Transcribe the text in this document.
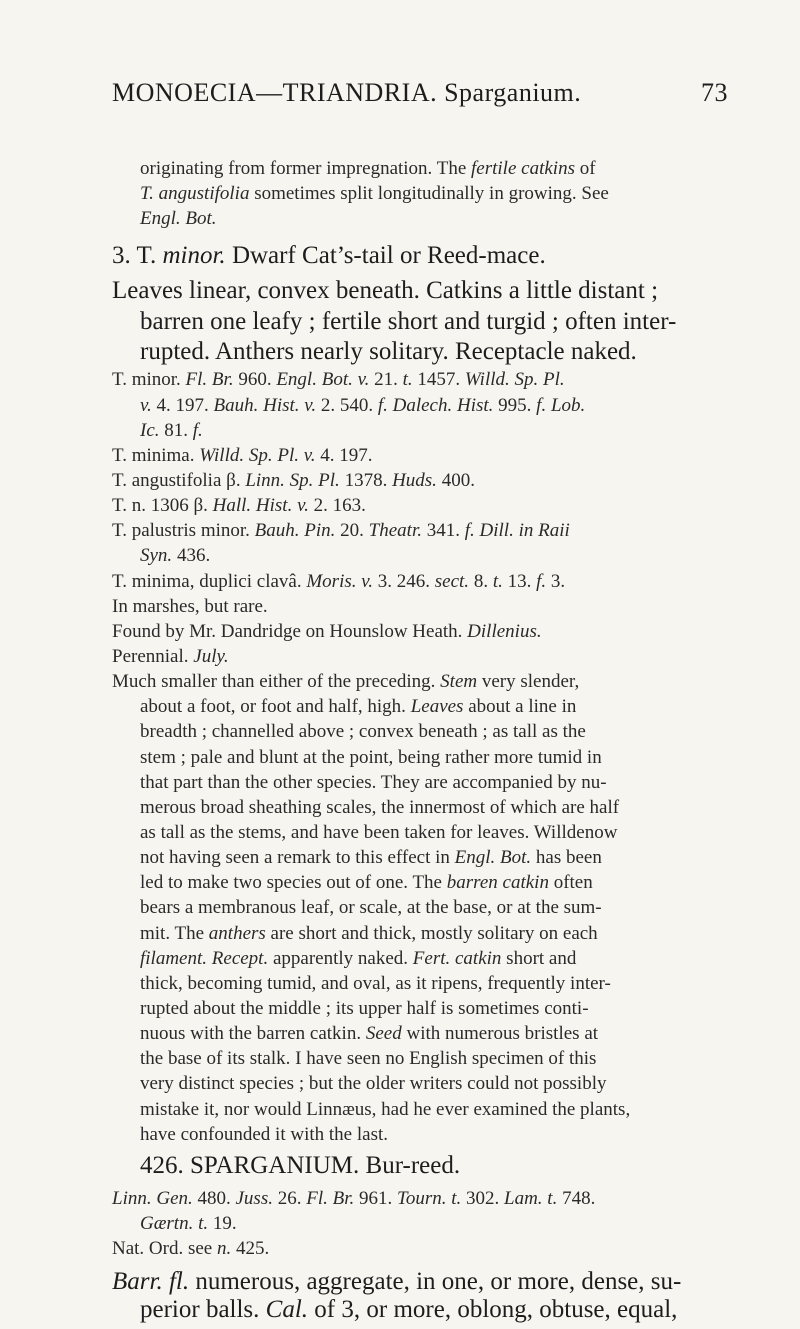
MONOECIA—TRIANDRIA. Sparganium.	73
originating from former impregnation. The fertile catkins of
T. angustifolia sometimes split longitudinally in growing. See
Engl. Bot.
3. T. minor. Dwarf Cat’s-tail or Reed-mace.
Leaves linear, convex beneath. Catkins a little distant ;
barren one leafy ; fertile short and turgid ; often inter-
rupted. Anthers nearly solitary. Receptacle naked.
T. minor. Fl. Br. 960. Engl. Bot. v. 21. t. 1457. Willd. Sp. Pl.
v. 4. 197. Bauh. Hist. v. 2. 540. f. Dalech. Hist. 995. f. Lob.
Ic. 81. f.
T. minima. Willd. Sp. Pl. v. 4. 197.
T. angustifolia β. Linn. Sp. Pl. 1378. Huds. 400.
T. n. 1306 β. Hall. Hist. v. 2. 163.
T. palustris minor. Bauh. Pin. 20. Theatr. 341. f. Dill. in Raii
Syn. 436.
T. minima, duplici clavâ. Moris. v. 3. 246. sect. 8. t. 13. f. 3.
In marshes, but rare.
Found by Mr. Dandridge on Hounslow Heath. Dillenius.
Perennial. July.
Much smaller than either of the preceding. Stem very slender,
about a foot, or foot and half, high. Leaves about a line in
breadth ; channelled above ; convex beneath ; as tall as the
stem ; pale and blunt at the point, being rather more tumid in
that part than the other species. They are accompanied by nu-
merous broad sheathing scales, the innermost of which are half
as tall as the stems, and have been taken for leaves. Willdenow
not having seen a remark to this effect in Engl. Bot. has been
led to make two species out of one. The barren catkin often
bears a membranous leaf, or scale, at the base, or at the sum-
mit. The anthers are short and thick, mostly solitary on each
filament. Recept. apparently naked. Fert. catkin short and
thick, becoming tumid, and oval, as it ripens, frequently inter-
rupted about the middle ; its upper half is sometimes conti-
nuous with the barren catkin. Seed with numerous bristles at
the base of its stalk. I have seen no English specimen of this
very distinct species ; but the older writers could not possibly
mistake it, nor would Linnæus, had he ever examined the plants,
have confounded it with the last.
426. SPARGANIUM. Bur-reed.
Linn. Gen. 480. Juss. 26. Fl. Br. 961. Tourn. t. 302. Lam. t. 748.
Gærtn. t. 19.
Nat. Ord. see n. 425.
Barr. fl. numerous, aggregate, in one, or more, dense, su-
perior balls. Cal. of 3, or more, oblong, obtuse, equal,
